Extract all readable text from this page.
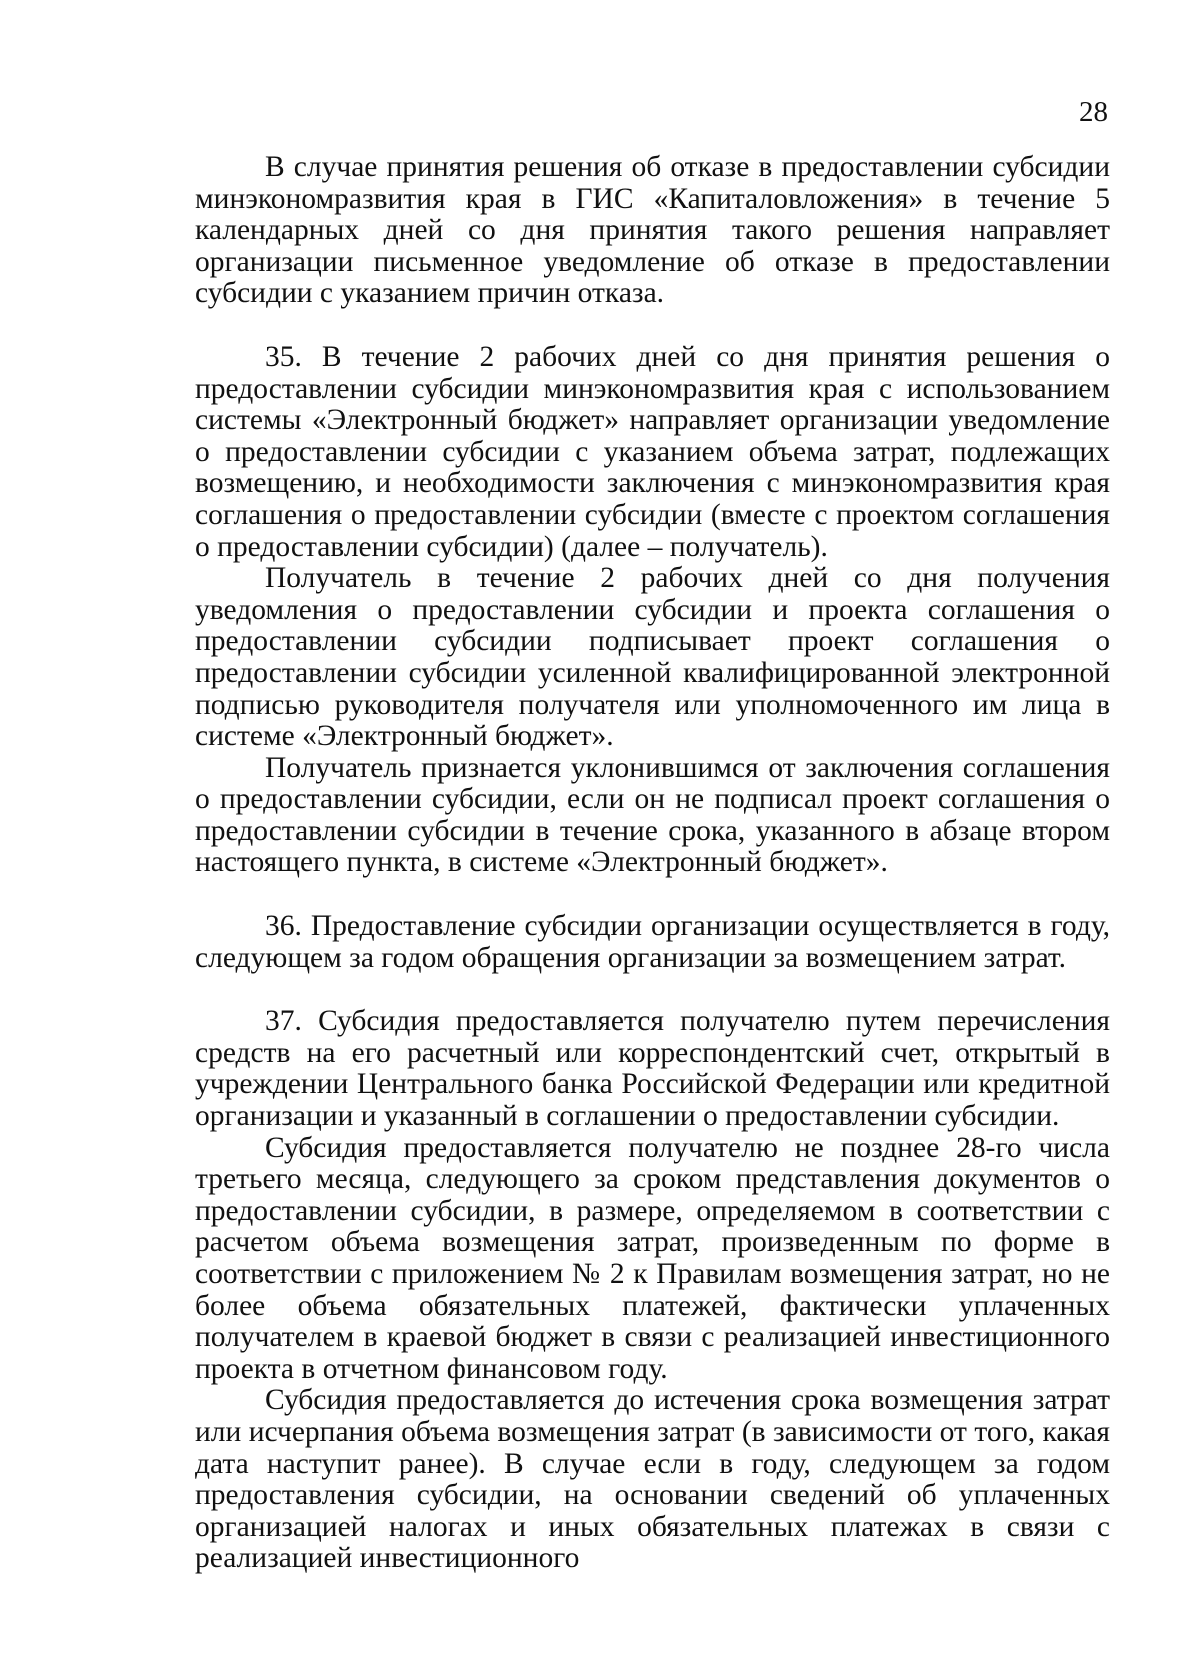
28

В случае принятия решения об отказе в предоставлении субсидии минэкономразвития края в ГИС «Капиталовложения» в течение 5 календарных дней со дня принятия такого решения направляет организации письменное уведомление об отказе в предоставлении субсидии с указанием причин отказа.

35. В течение 2 рабочих дней со дня принятия решения о предоставлении субсидии минэкономразвития края с использованием системы «Электронный бюджет» направляет организации уведомление о предоставлении субсидии с указанием объема затрат, подлежащих возмещению, и необходимости заключения с минэкономразвития края соглашения о предоставлении субсидии (вместе с проектом соглашения о предоставлении субсидии) (далее – получатель).

Получатель в течение 2 рабочих дней со дня получения уведомления о предоставлении субсидии и проекта соглашения о предоставлении субсидии подписывает проект соглашения о предоставлении субсидии усиленной квалифицированной электронной подписью руководителя получателя или уполномоченного им лица в системе «Электронный бюджет».

Получатель признается уклонившимся от заключения соглашения о предоставлении субсидии, если он не подписал проект соглашения о предоставлении субсидии в течение срока, указанного в абзаце втором настоящего пункта, в системе «Электронный бюджет».

36. Предоставление субсидии организации осуществляется в году, следующем за годом обращения организации за возмещением затрат.

37. Субсидия предоставляется получателю путем перечисления средств на его расчетный или корреспондентский счет, открытый в учреждении Центрального банка Российской Федерации или кредитной организации и указанный в соглашении о предоставлении субсидии.

Субсидия предоставляется получателю не позднее 28-го числа третьего месяца, следующего за сроком представления документов о предоставлении субсидии, в размере, определяемом в соответствии с расчетом объема возмещения затрат, произведенным по форме в соответствии с приложением № 2 к Правилам возмещения затрат, но не более объема обязательных платежей, фактически уплаченных получателем в краевой бюджет в связи с реализацией инвестиционного проекта в отчетном финансовом году.

Субсидия предоставляется до истечения срока возмещения затрат или исчерпания объема возмещения затрат (в зависимости от того, какая дата наступит ранее). В случае если в году, следующем за годом предоставления субсидии, на основании сведений об уплаченных организацией налогах и иных обязательных платежах в связи с реализацией инвестиционного
